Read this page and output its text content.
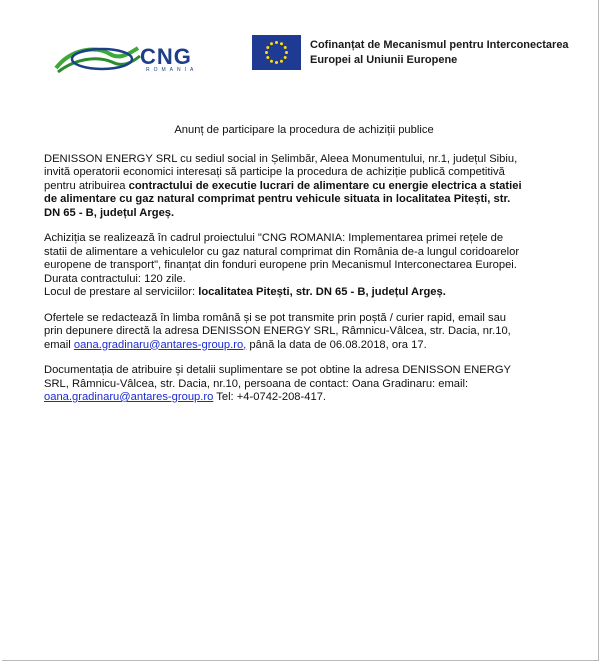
CNG
ROMANIA
Cofinanțat de Mecanismul pentru Interconectarea
Europei al Uniunii Europene
Anunț de participare la procedura de achiziții publice

DENISSON ENERGY SRL cu sediul social in Șelimbăr, Aleea Monumentului, nr.1, județul Sibiu,
invită operatorii economici interesați să participe la procedura de achiziție publică competitivă
pentru atribuirea contractului de executie lucrari de alimentare cu energie electrica a statiei
de alimentare cu gaz natural comprimat pentru vehicule situata in localitatea Pitești, str.
DN 65 - B, județul Argeș.

Achiziția se realizează în cadrul proiectului "CNG ROMANIA: Implementarea primei rețele de
statii de alimentare a vehiculelor cu gaz natural comprimat din România de-a lungul coridoarelor
europene de transport", finanțat din fonduri europene prin Mecanismul Interconectarea Europei.
Durata contractului: 120 zile.
Locul de prestare al serviciilor: localitatea Pitești, str. DN 65 - B, județul Argeș.

Ofertele se redactează în limba română și se pot transmite prin poștă / curier rapid, email sau
prin depunere directă la adresa DENISSON ENERGY SRL, Râmnicu-Vâlcea, str. Dacia, nr.10,
email oana.gradinaru@antares-group.ro, până la data de 06.08.2018, ora 17.

Documentația de atribuire și detalii suplimentare se pot obtine la adresa DENISSON ENERGY
SRL, Râmnicu-Vâlcea, str. Dacia, nr.10, persoana de contact: Oana Gradinaru: email:
oana.gradinaru@antares-group.ro Tel: +4-0742-208-417.
